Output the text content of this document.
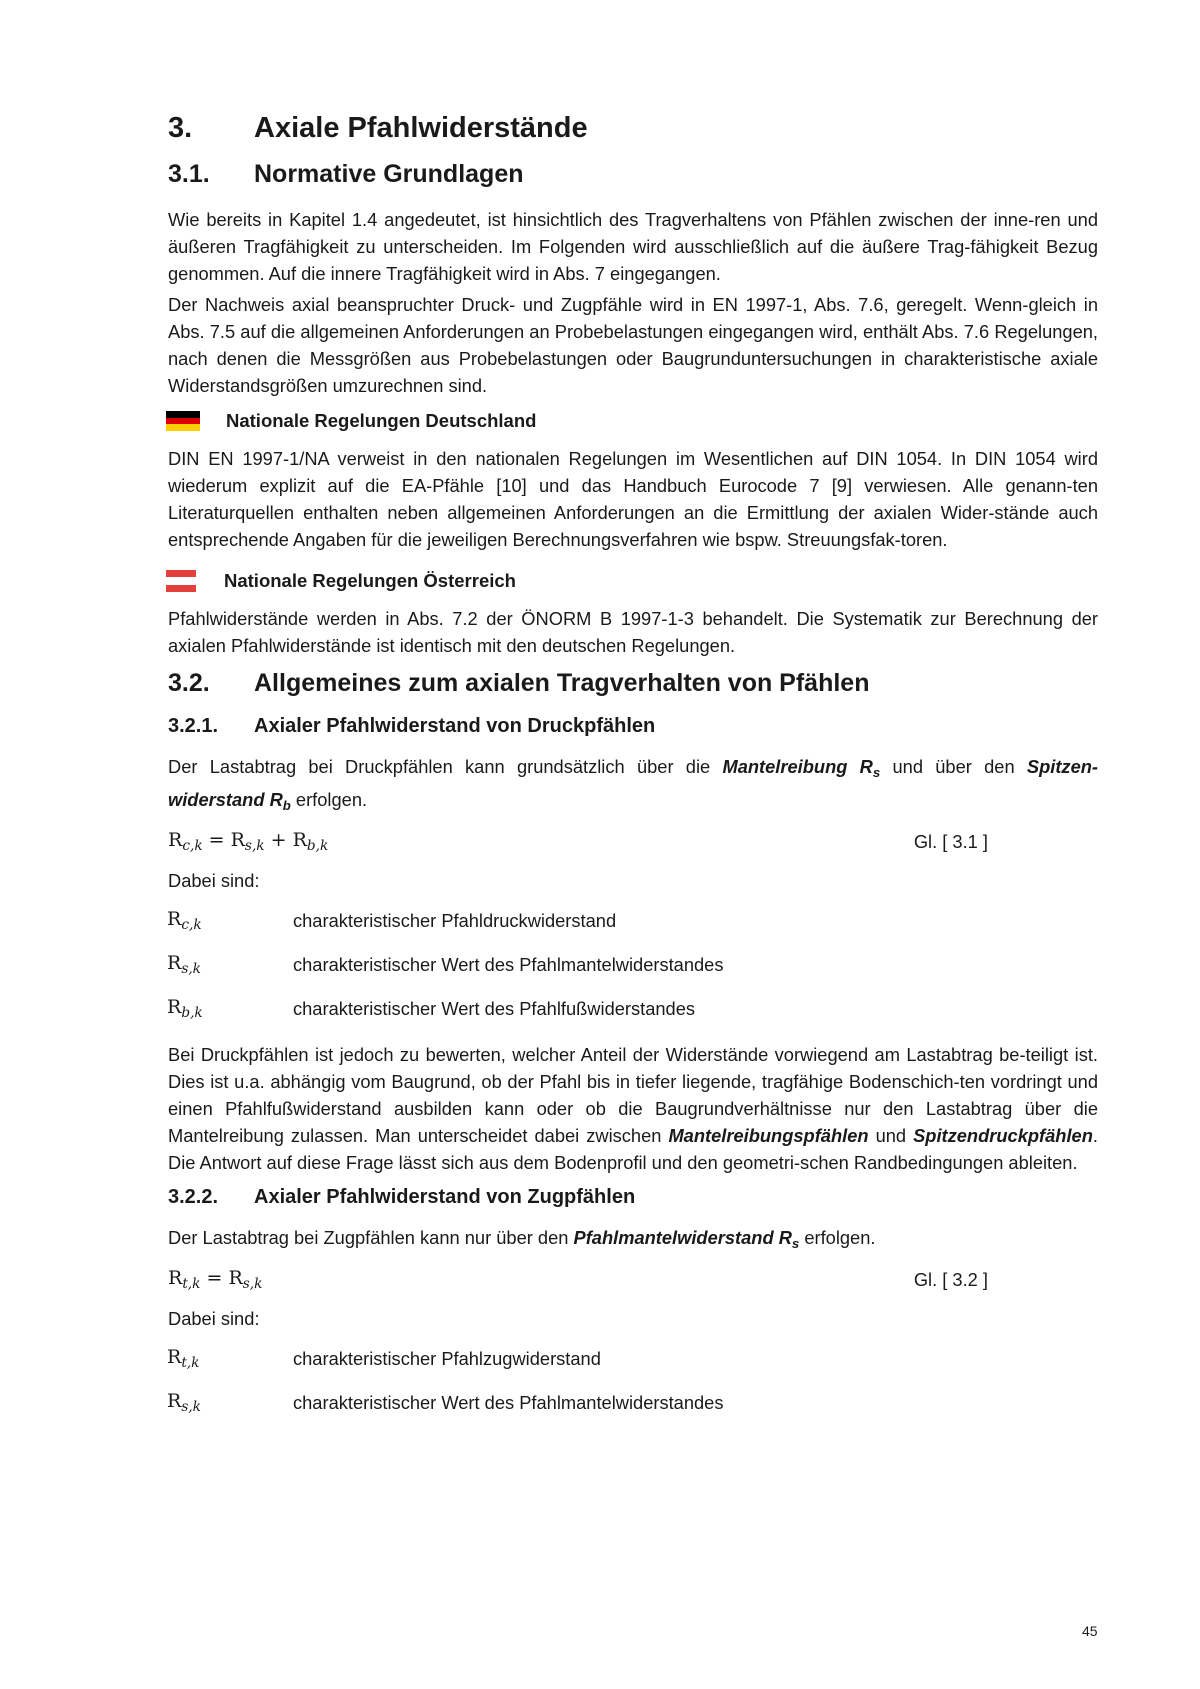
3.	Axiale Pfahlwiderstände
3.1.	Normative Grundlagen

Wie bereits in Kapitel 1.4 angedeutet, ist hinsichtlich des Tragverhaltens von Pfählen zwischen der inne-ren und äußeren Tragfähigkeit zu unterscheiden. Im Folgenden wird ausschließlich auf die äußere Trag-fähigkeit Bezug genommen. Auf die innere Tragfähigkeit wird in Abs. 7 eingegangen.

Der Nachweis axial beanspruchter Druck- und Zugpfähle wird in EN 1997-1, Abs. 7.6, geregelt. Wenn-gleich in Abs. 7.5 auf die allgemeinen Anforderungen an Probebelastungen eingegangen wird, enthält Abs. 7.6 Regelungen, nach denen die Messgrößen aus Probebelastungen oder Baugrunduntersuchungen in charakteristische axiale Widerstandsgrößen umzurechnen sind.

Nationale Regelungen Deutschland

DIN EN 1997-1/NA verweist in den nationalen Regelungen im Wesentlichen auf DIN 1054. In DIN 1054 wird wiederum explizit auf die EA-Pfähle [10] und das Handbuch Eurocode 7 [9] verwiesen. Alle genann-ten Literaturquellen enthalten neben allgemeinen Anforderungen an die Ermittlung der axialen Wider-stände auch entsprechende Angaben für die jeweiligen Berechnungsverfahren wie bspw. Streuungsfak-toren.

Nationale Regelungen Österreich

Pfahlwiderstände werden in Abs. 7.2 der ÖNORM B 1997-1-3 behandelt. Die Systematik zur Berechnung der axialen Pfahlwiderstände ist identisch mit den deutschen Regelungen.

3.2.	Allgemeines zum axialen Tragverhalten von Pfählen
3.2.1.	Axialer Pfahlwiderstand von Druckpfählen

Der Lastabtrag bei Druckpfählen kann grundsätzlich über die Mantelreibung $R_s$ und über den Spitzen-widerstand $R_b$ erfolgen.

$R_{c,k} = R_{s,k} + R_{b,k}$	Gl. [ 3.1 ]
Dabei sind:
$R_{c,k}$	charakteristischer Pfahldruckwiderstand
$R_{s,k}$	charakteristischer Wert des Pfahlmantelwiderstandes
$R_{b,k}$	charakteristischer Wert des Pfahlfußwiderstandes

Bei Druckpfählen ist jedoch zu bewerten, welcher Anteil der Widerstände vorwiegend am Lastabtrag be-teiligt ist. Dies ist u.a. abhängig vom Baugrund, ob der Pfahl bis in tiefer liegende, tragfähige Bodenschich-ten vordringt und einen Pfahlfußwiderstand ausbilden kann oder ob die Baugrundverhältnisse nur den Lastabtrag über die Mantelreibung zulassen. Man unterscheidet dabei zwischen Mantelreibungspfählen und Spitzendruckpfählen. Die Antwort auf diese Frage lässt sich aus dem Bodenprofil und den geometri-schen Randbedingungen ableiten.

3.2.2.	Axialer Pfahlwiderstand von Zugpfählen

Der Lastabtrag bei Zugpfählen kann nur über den Pfahlmantelwiderstand $R_s$ erfolgen.

$R_{t,k} = R_{s,k}$	Gl. [ 3.2 ]
Dabei sind:
$R_{t,k}$	charakteristischer Pfahlzugwiderstand
$R_{s,k}$	charakteristischer Wert des Pfahlmantelwiderstandes
45
